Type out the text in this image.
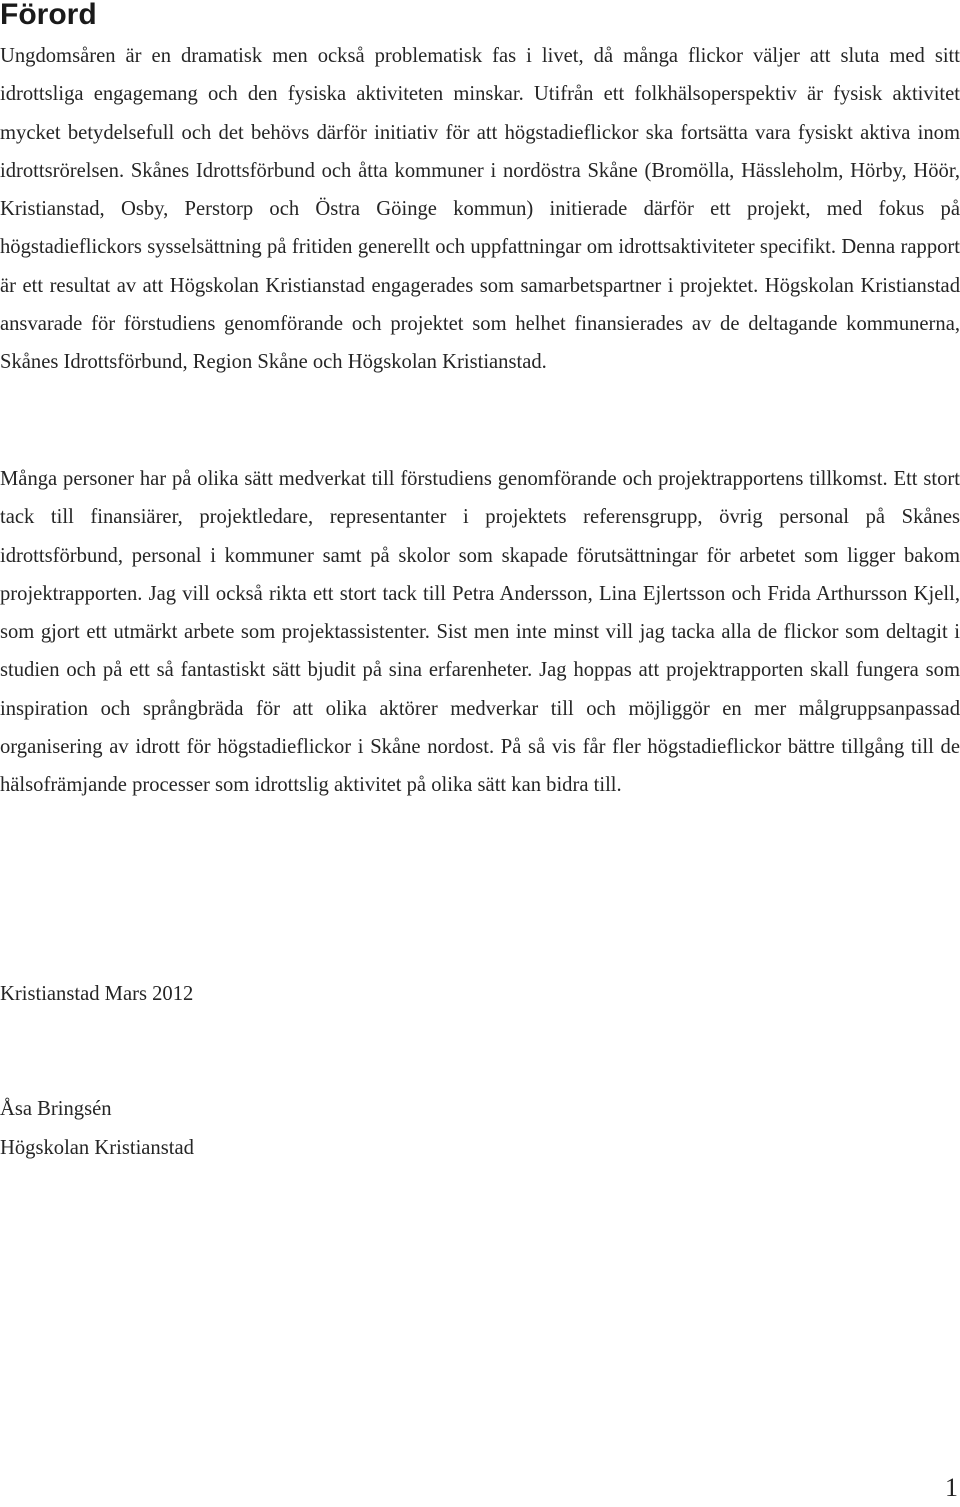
Förord

Ungdomsåren är en dramatisk men också problematisk fas i livet, då många flickor väljer att sluta med sitt idrottsliga engagemang och den fysiska aktiviteten minskar. Utifrån ett folkhälsoperspektiv är fysisk aktivitet mycket betydelsefull och det behövs därför initiativ för att högstadieflickor ska fortsätta vara fysiskt aktiva inom idrottsrörelsen. Skånes Idrottsförbund och åtta kommuner i nordöstra Skåne (Bromölla, Hässleholm, Hörby, Höör, Kristianstad, Osby, Perstorp och Östra Göinge kommun) initierade därför ett projekt, med fokus på högstadieflickors sysselsättning på fritiden generellt och uppfattningar om idrottsaktiviteter specifikt. Denna rapport är ett resultat av att Högskolan Kristianstad engagerades som samarbetspartner i projektet. Högskolan Kristianstad ansvarade för förstudiens genomförande och projektet som helhet finansierades av de deltagande kommunerna, Skånes Idrottsförbund, Region Skåne och Högskolan Kristianstad.

Många personer har på olika sätt medverkat till förstudiens genomförande och projektrapportens tillkomst. Ett stort tack till finansiärer, projektledare, representanter i projektets referensgrupp, övrig personal på Skånes idrottsförbund, personal i kommuner samt på skolor som skapade förutsättningar för arbetet som ligger bakom projektrapporten. Jag vill också rikta ett stort tack till Petra Andersson, Lina Ejlertsson och Frida Arthursson Kjell, som gjort ett utmärkt arbete som projektassistenter. Sist men inte minst vill jag tacka alla de flickor som deltagit i studien och på ett så fantastiskt sätt bjudit på sina erfarenheter. Jag hoppas att projektrapporten skall fungera som inspiration och språngbräda för att olika aktörer medverkar till och möjliggör en mer målgruppsanpassad organisering av idrott för högstadieflickor i Skåne nordost. På så vis får fler högstadieflickor bättre tillgång till de hälsofrämjande processer som idrottslig aktivitet på olika sätt kan bidra till.

Kristianstad Mars 2012

Åsa Bringsén

Högskolan Kristianstad

1
